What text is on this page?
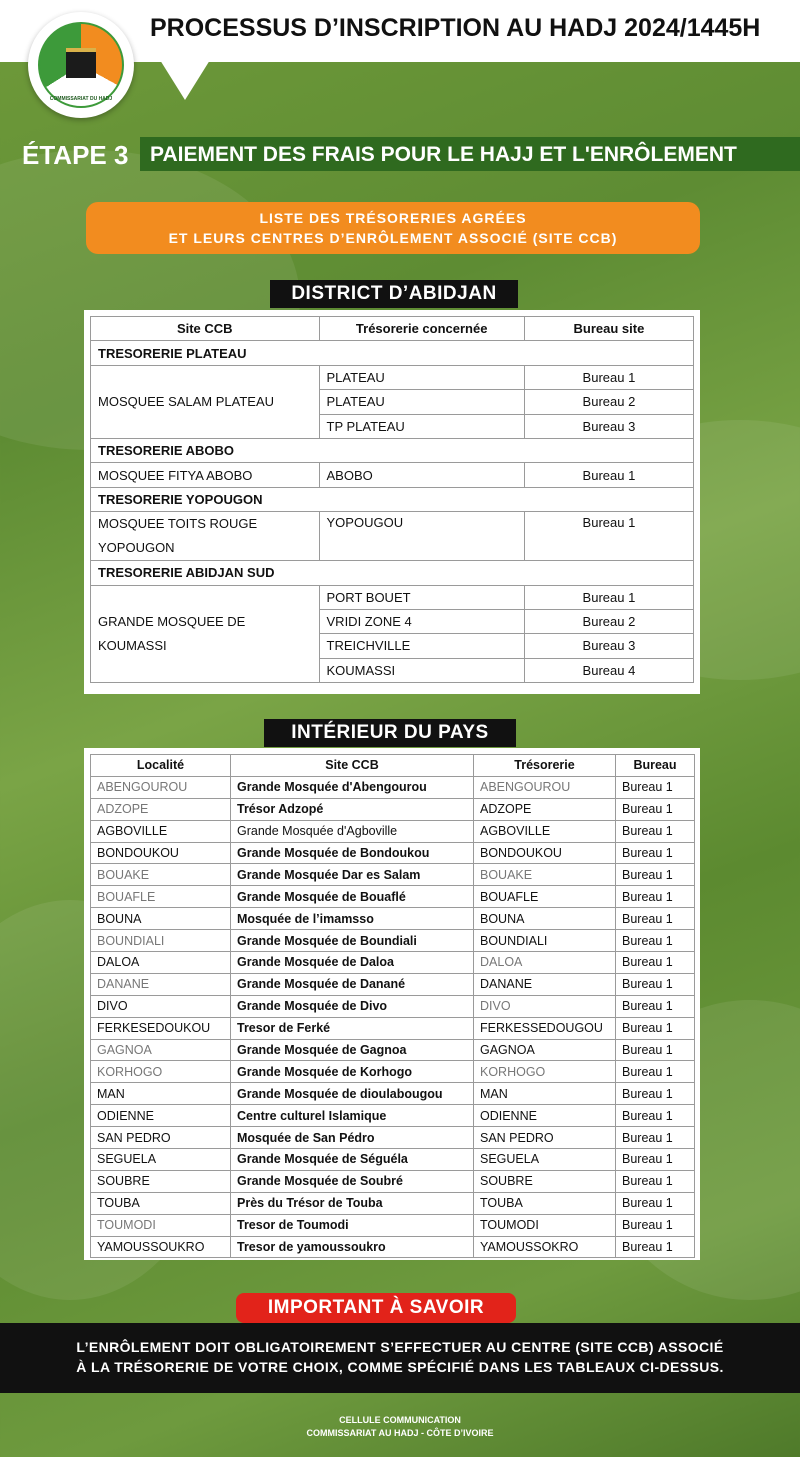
PROCESSUS D’INSCRIPTION AU HADJ 2024/1445H
COMMISSARIAT DU HADJ
ÉTAPE 3	PAIEMENT DES FRAIS POUR LE HAJJ ET L'ENRÔLEMENT
LISTE DES TRÉSORERIES AGRÉES
ET LEURS CENTRES D’ENRÔLEMENT ASSOCIÉ (SITE CCB)
DISTRICT D’ABIDJAN
Site CCB	Trésorerie concernée	Bureau site
TRESORERIE PLATEAU		
MOSQUEE SALAM PLATEAU	PLATEAU	Bureau 1
	PLATEAU	Bureau 2
	TP PLATEAU	Bureau 3
TRESORERIE ABOBO		
MOSQUEE FITYA ABOBO	ABOBO	Bureau 1
TRESORERIE YOPOUGON		
MOSQUEE TOITS ROUGE YOPOUGON	YOPOUGOU	Bureau 1
TRESORERIE ABIDJAN SUD		
GRANDE MOSQUEE DE KOUMASSI	PORT BOUET	Bureau 1
	VRIDI ZONE 4	Bureau 2
	TREICHVILLE	Bureau 3
	KOUMASSI	Bureau 4
INTÉRIEUR DU PAYS
Localité	Site CCB	Trésorerie	Bureau
ABENGOUROU	Grande Mosquée d'Abengourou	ABENGOUROU	Bureau 1
ADZOPE	Trésor Adzopé	ADZOPE	Bureau 1
AGBOVILLE	Grande Mosquée d'Agboville	AGBOVILLE	Bureau 1
BONDOUKOU	Grande Mosquée de Bondoukou	BONDOUKOU	Bureau 1
BOUAKE	Grande Mosquée Dar es Salam	BOUAKE	Bureau 1
BOUAFLE	Grande Mosquée de Bouaflé	BOUAFLE	Bureau 1
BOUNA	Mosquée de l’imamsso	BOUNA	Bureau 1
BOUNDIALI	Grande Mosquée de Boundiali	BOUNDIALI	Bureau 1
DALOA	Grande Mosquée de Daloa	DALOA	Bureau 1
DANANE	Grande Mosquée de Danané	DANANE	Bureau 1
DIVO	Grande Mosquée de Divo	DIVO	Bureau 1
FERKESEDOUKOU	Tresor de Ferké	FERKESSEDOUGOU	Bureau 1
GAGNOA	Grande Mosquée de Gagnoa	GAGNOA	Bureau 1
KORHOGO	Grande Mosquée de Korhogo	KORHOGO	Bureau 1
MAN	Grande Mosquée de dioulabougou	MAN	Bureau 1
ODIENNE	Centre culturel Islamique	ODIENNE	Bureau 1
SAN PEDRO	Mosquée de San Pédro	SAN PEDRO	Bureau 1
SEGUELA	Grande Mosquée de Séguéla	SEGUELA	Bureau 1
SOUBRE	Grande Mosquée de Soubré	SOUBRE	Bureau 1
TOUBA	Près du Trésor de Touba	TOUBA	Bureau 1
TOUMODI	Tresor de Toumodi	TOUMODI	Bureau 1
YAMOUSSOUKRO	Tresor de yamoussoukro	YAMOUSSOKRO	Bureau 1
IMPORTANT À SAVOIR
L’ENRÔLEMENT DOIT OBLIGATOIREMENT S’EFFECTUER AU CENTRE (SITE CCB) ASSOCIÉ
À LA TRÉSORERIE DE VOTRE CHOIX, COMME SPÉCIFIÉ DANS LES TABLEAUX CI-DESSUS.
CELLULE COMMUNICATION
COMMISSARIAT AU HADJ - CÔTE D’IVOIRE
